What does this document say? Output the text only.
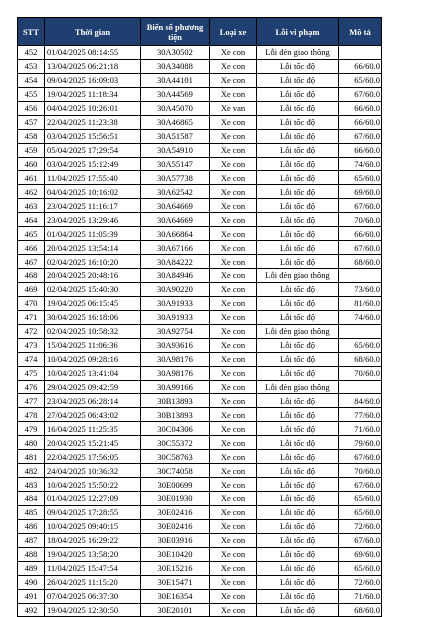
STT	Thời gian	Biển số phương tiện	Loại xe	Lỗi vi phạm	Mô tả
452	01/04/2025 08:14:55	30A30502	Xe con	Lỗi đèn giao thông	
453	13/04/2025 06:21:18	30A34088	Xe con	Lỗi tốc độ	66/60.0
454	09/04/2025 16:09:03	30A44101	Xe con	Lỗi tốc độ	65/60.0
455	19/04/2025 11:18:34	30A44569	Xe con	Lỗi tốc độ	67/60.0
456	04/04/2025 10:26:01	30A45070	Xe van	Lỗi tốc độ	66/60.0
457	22/04/2025 11:23:38	30A46865	Xe con	Lỗi tốc độ	66/60.0
458	03/04/2025 15:56:51	30A51587	Xe con	Lỗi tốc độ	67/60.0
459	05/04/2025 17:29:54	30A54910	Xe con	Lỗi tốc độ	66/60.0
460	03/04/2025 15:12:49	30A55147	Xe con	Lỗi tốc độ	74/60.0
461	11/04/2025 17:55:40	30A57738	Xe con	Lỗi tốc độ	65/60.0
462	04/04/2025 10:16:02	30A62542	Xe con	Lỗi tốc độ	69/60.0
463	23/04/2025 11:16:17	30A64669	Xe con	Lỗi tốc độ	67/60.0
464	23/04/2025 13:29:46	30A64669	Xe con	Lỗi tốc độ	70/60.0
465	01/04/2025 11:05:39	30A66864	Xe con	Lỗi tốc độ	66/60.0
466	20/04/2025 13:54:14	30A67166	Xe con	Lỗi tốc độ	67/60.0
467	02/04/2025 16:10:20	30A84222	Xe con	Lỗi tốc độ	68/60.0
468	20/04/2025 20:48:16	30A84946	Xe con	Lỗi đèn giao thông	
469	02/04/2025 15:40:30	30A90220	Xe con	Lỗi tốc độ	73/60.0
470	19/04/2025 06:15:45	30A91933	Xe con	Lỗi tốc độ	81/60.0
471	30/04/2025 16:18:06	30A91933	Xe con	Lỗi tốc độ	74/60.0
472	02/04/2025 10:58:32	30A92754	Xe con	Lỗi đèn giao thông	
473	15/04/2025 11:06:36	30A93616	Xe con	Lỗi tốc độ	65/60.0
474	10/04/2025 09:28:16	30A98176	Xe con	Lỗi tốc độ	68/60.0
475	10/04/2025 13:41:04	30A98176	Xe con	Lỗi tốc độ	70/60.0
476	29/04/2025 09:42:59	30A99166	Xe con	Lỗi đèn giao thông	
477	23/04/2025 06:28:14	30B13893	Xe con	Lỗi tốc độ	84/60.0
478	27/04/2025 06:43:02	30B13893	Xe con	Lỗi tốc độ	77/60.0
479	16/04/2025 11:25:35	30C04306	Xe con	Lỗi tốc độ	71/60.0
480	20/04/2025 15:21:45	30C55372	Xe con	Lỗi tốc độ	79/60.0
481	22/04/2025 17:56:05	30C58763	Xe con	Lỗi tốc độ	67/60.0
482	24/04/2025 10:36:32	30C74058	Xe con	Lỗi tốc độ	70/60.0
483	10/04/2025 15:50:22	30E00699	Xe con	Lỗi tốc độ	67/60.0
484	01/04/2025 12:27:09	30E01930	Xe con	Lỗi tốc độ	65/60.0
485	09/04/2025 17:28:55	30E02416	Xe con	Lỗi tốc độ	65/60.0
486	10/04/2025 09:40:15	30E02416	Xe con	Lỗi tốc độ	72/60.0
487	18/04/2025 16:29:22	30E03916	Xe con	Lỗi tốc độ	67/60.0
488	19/04/2025 13:58:20	30E10420	Xe con	Lỗi tốc độ	69/60.0
489	11/04/2025 15:47:54	30E15216	Xe con	Lỗi tốc độ	65/60.0
490	26/04/2025 11:15:20	30E15471	Xe con	Lỗi tốc độ	72/60.0
491	07/04/2025 06:37:30	30E16354	Xe con	Lỗi tốc độ	71/60.0
492	19/04/2025 12:30:50	30E20101	Xe con	Lỗi tốc độ	68/60.0
